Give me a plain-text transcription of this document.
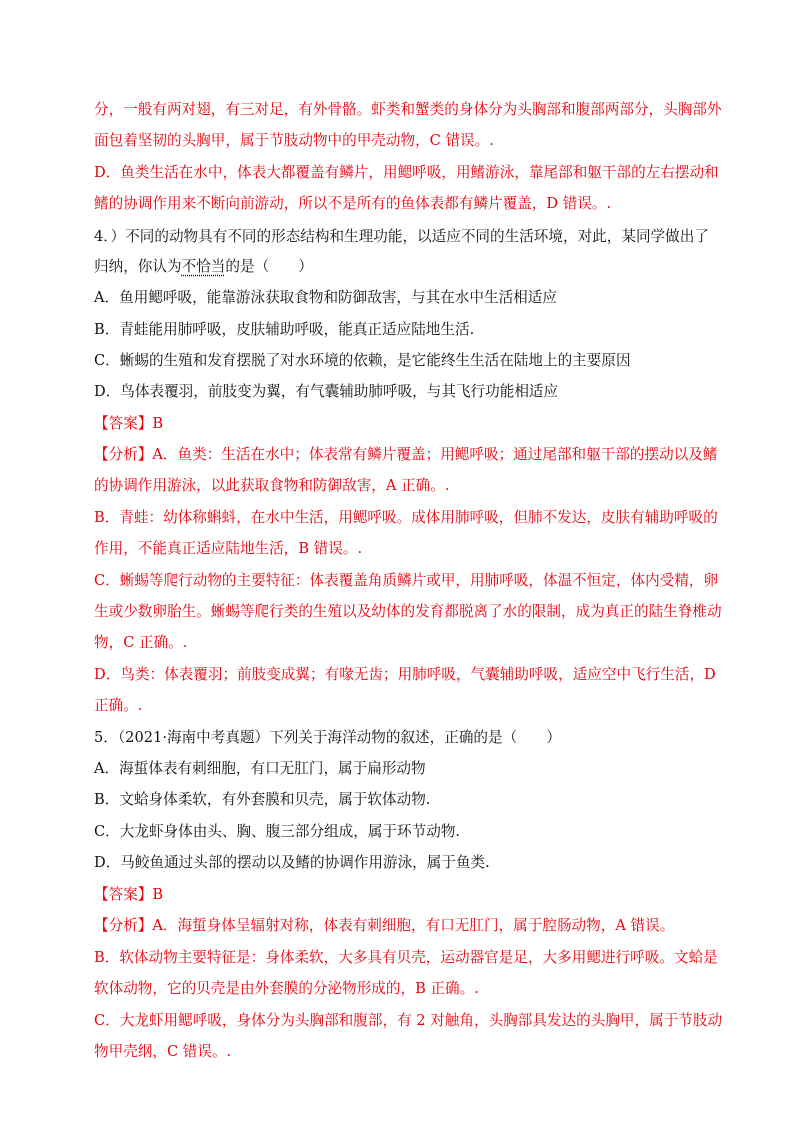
分，一般有两对翅，有三对足，有外骨骼。虾类和蟹类的身体分为头胸部和腹部两部分，头胸部外
面包着坚韧的头胸甲，属于节肢动物中的甲壳动物，C 错误。.
D．鱼类生活在水中，体表大都覆盖有鳞片，用鳃呼吸，用鳍游泳，靠尾部和躯干部的左右摆动和
鳍的协调作用来不断向前游动，所以不是所有的鱼体表都有鳞片覆盖，D 错误。.
4．）不同的动物具有不同的形态结构和生理功能，以适应不同的生活环境，对此，某同学做出了
归纳，你认为不恰当的是（　　）
A．鱼用鳃呼吸，能靠游泳获取食物和防御敌害，与其在水中生活相适应
B．青蛙能用肺呼吸，皮肤辅助呼吸，能真正适应陆地生活.
C．蜥蜴的生殖和发育摆脱了对水环境的依赖，是它能终生生活在陆地上的主要原因
D．鸟体表覆羽，前肢变为翼，有气囊辅助肺呼吸，与其飞行功能相适应
【答案】B
【分析】A．鱼类：生活在水中；体表常有鳞片覆盖；用鳃呼吸；通过尾部和躯干部的摆动以及鳍
的协调作用游泳，以此获取食物和防御敌害，A 正确。.
B．青蛙：幼体称蝌蚪，在水中生活，用鳃呼吸。成体用肺呼吸，但肺不发达，皮肤有辅助呼吸的
作用，不能真正适应陆地生活，B 错误。.
C．蜥蜴等爬行动物的主要特征：体表覆盖角质鳞片或甲，用肺呼吸，体温不恒定，体内受精，卵
生或少数卵胎生。蜥蜴等爬行类的生殖以及幼体的发育都脱离了水的限制，成为真正的陆生脊椎动
物，C 正确。.
D．鸟类：体表覆羽；前肢变成翼；有喙无齿；用肺呼吸，气囊辅助呼吸，适应空中飞行生活，D
正确。.
5．（2021·海南中考真题）下列关于海洋动物的叙述，正确的是（　　）
A．海蜇体表有刺细胞，有口无肛门，属于扁形动物
B．文蛤身体柔软，有外套膜和贝壳，属于软体动物.
C．大龙虾身体由头、胸、腹三部分组成，属于环节动物.
D．马鲛鱼通过头部的摆动以及鳍的协调作用游泳，属于鱼类.
【答案】B
【分析】A．海蜇身体呈辐射对称，体表有刺细胞，有口无肛门，属于腔肠动物，A 错误。
B．软体动物主要特征是：身体柔软，大多具有贝壳，运动器官是足，大多用鳃进行呼吸。文蛤是
软体动物，它的贝壳是由外套膜的分泌物形成的，B 正确。.
C．大龙虾用鳃呼吸，身体分为头胸部和腹部，有 2 对触角，头胸部具发达的头胸甲，属于节肢动
物甲壳纲，C 错误。.
